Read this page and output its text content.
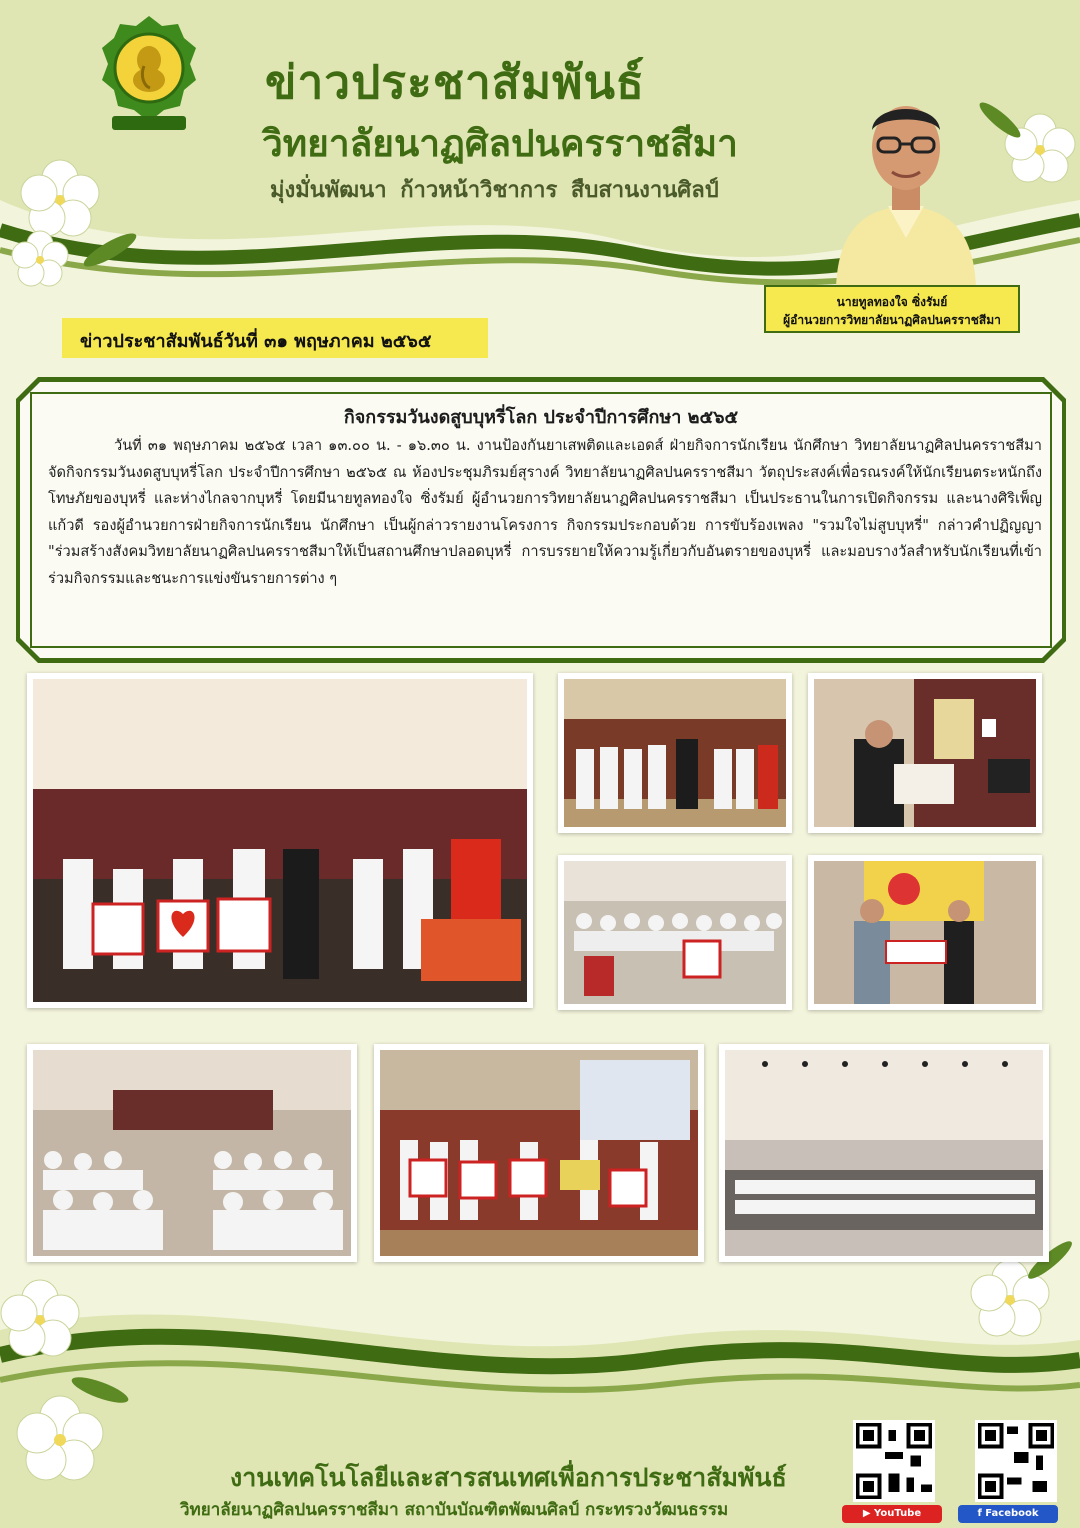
ข่าวประชาสัมพันธ์
วิทยาลัยนาฏศิลปนครราชสีมา
มุ่งมั่นพัฒนา ก้าวหน้าวิชาการ สืบสานงานศิลป์
นายทูลทองใจ ซิ่งรัมย์
ผู้อำนวยการวิทยาลัยนาฏศิลปนครราชสีมา
ข่าวประชาสัมพันธ์วันที่ ๓๑ พฤษภาคม ๒๕๖๕
กิจกรรมวันงดสูบบุหรี่โลก ประจำปีการศึกษา ๒๕๖๕
วันที่ ๓๑ พฤษภาคม ๒๕๖๕ เวลา ๑๓.๐๐ น. - ๑๖.๓๐ น. งานป้องกันยาเสพติดและเอดส์ ฝ่ายกิจการนักเรียน นักศึกษา วิทยาลัยนาฏศิลปนครราชสีมา จัดกิจกรรมวันงดสูบบุหรี่โลก ประจำปีการศึกษา ๒๕๖๕ ณ ห้องประชุมภิรมย์สุรางค์ วิทยาลัยนาฏศิลปนครราชสีมา วัตถุประสงค์เพื่อรณรงค์ให้นักเรียนตระหนักถึงโทษภัยของบุหรี่ และห่างไกลจากบุหรี่ โดยมีนายทูลทองใจ ซิ่งรัมย์ ผู้อำนวยการวิทยาลัยนาฏศิลปนครราชสีมา เป็นประธานในการเปิดกิจกรรม และนางศิริเพ็ญ แก้วดี รองผู้อำนวยการฝ่ายกิจการนักเรียน นักศึกษา เป็นผู้กล่าวรายงานโครงการ กิจกรรมประกอบด้วย การขับร้องเพลง "รวมใจไม่สูบบุหรี่" กล่าวคำปฏิญญา "ร่วมสร้างสังคมวิทยาลัยนาฏศิลปนครราชสีมาให้เป็นสถานศึกษาปลอดบุหรี่ การบรรยายให้ความรู้เกี่ยวกับอันตรายของบุหรี่ และมอบรางวัลสำหรับนักเรียนที่เข้าร่วมกิจกรรมและชนะการแข่งขันรายการต่าง ๆ
งานเทคโนโลยีและสารสนเทศเพื่อการประชาสัมพันธ์
วิทยาลัยนาฏศิลปนครราชสีมา สถาบันบัณฑิตพัฒนศิลป์ กระทรวงวัฒนธรรม	▶ YouTube	f Facebook
